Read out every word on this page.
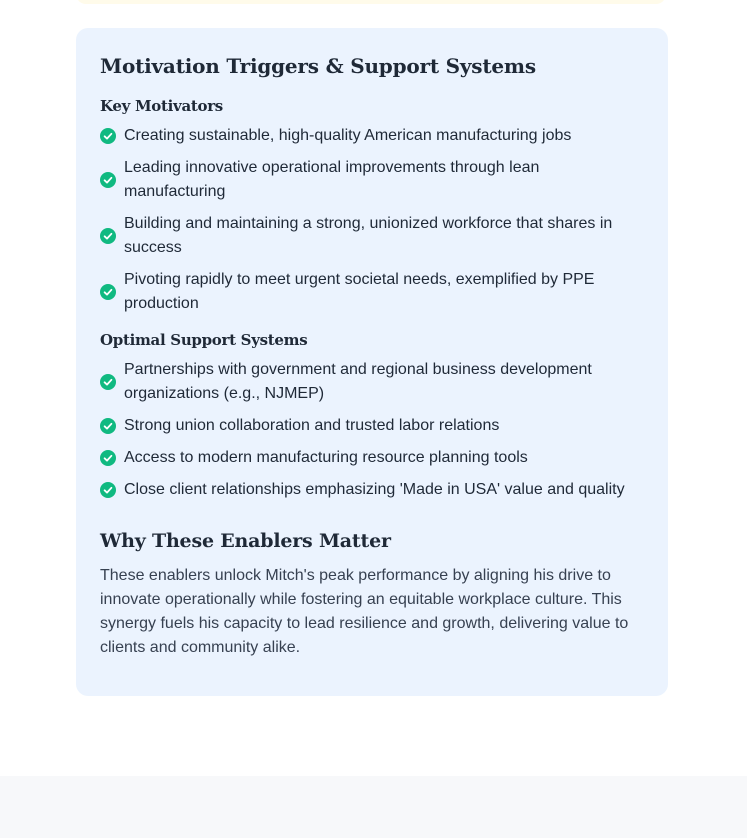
Motivation Triggers & Support Systems
Key Motivators
Creating sustainable, high-quality American manufacturing jobs
Leading innovative operational improvements through lean manufacturing
Building and maintaining a strong, unionized workforce that shares in success
Pivoting rapidly to meet urgent societal needs, exemplified by PPE production
Optimal Support Systems
Partnerships with government and regional business development organizations (e.g., NJMEP)
Strong union collaboration and trusted labor relations
Access to modern manufacturing resource planning tools
Close client relationships emphasizing 'Made in USA' value and quality
Why These Enablers Matter

These enablers unlock Mitch's peak performance by aligning his drive to innovate operationally while fostering an equitable workplace culture. This synergy fuels his capacity to lead resilience and growth, delivering value to clients and community alike.
